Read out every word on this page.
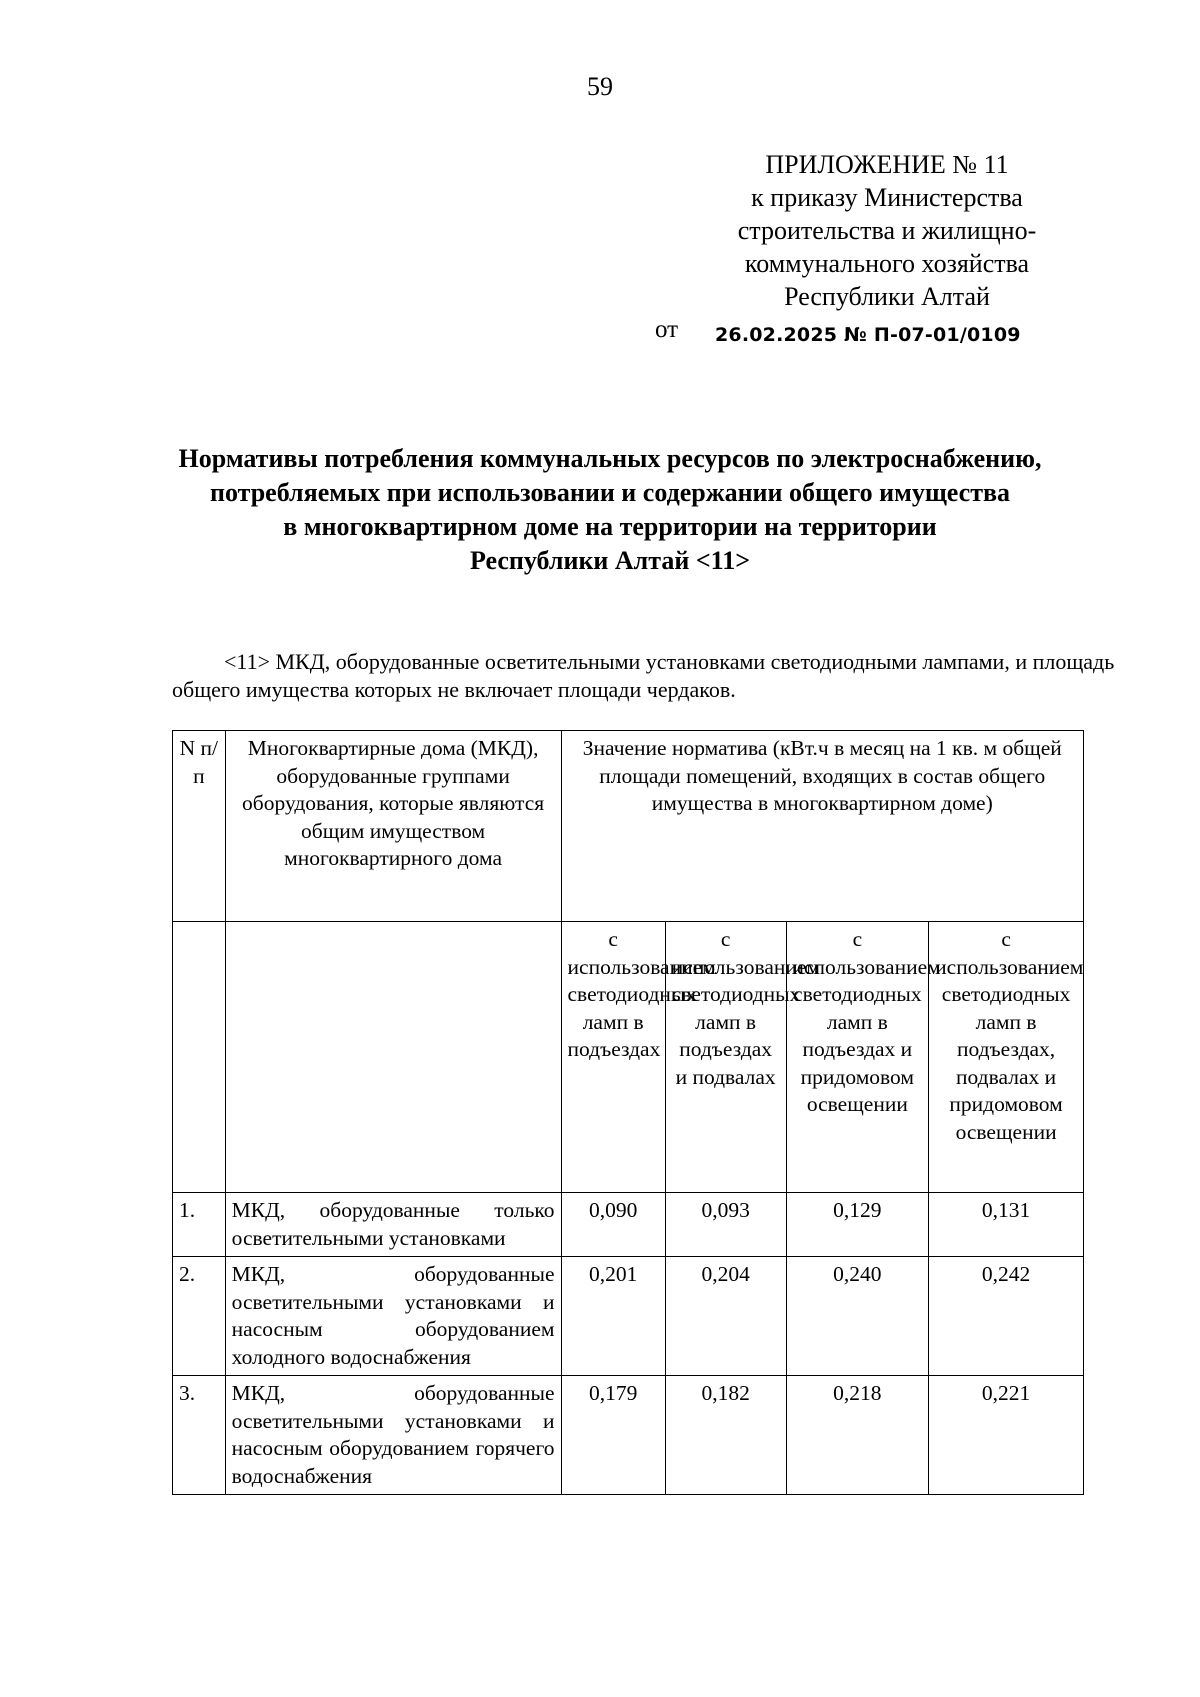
59
ПРИЛОЖЕНИЕ № 11
к приказу Министерства
строительства и жилищно-
коммунального хозяйства
Республики Алтай
от 26.02.2025 № П-07-01/0109
Нормативы потребления коммунальных ресурсов по электроснабжению,
потребляемых при использовании и содержании общего имущества
в многоквартирном доме на территории на территории
Республики Алтай <11>
<11> МКД, оборудованные осветительными установками светодиодными лампами, и площадь общего имущества которых не включает площади чердаков.
N п/п	Многоквартирные дома (МКД), оборудованные группами оборудования, которые являются общим имуществом многоквартирного дома	Значение норматива (кВт.ч в месяц на 1 кв. м общей площади помещений, входящих в состав общего имущества в многоквартирном доме)			
		с использованием светодиодных ламп в подъездах	с использованием светодиодных ламп в подъездах и подвалах	с использованием светодиодных ламп в подъездах и придомовом освещении	с использованием светодиодных ламп в подъездах, подвалах и придомовом освещении
1.	МКД, оборудованные только осветительными установками	0,090	0,093	0,129	0,131
2.	МКД, оборудованные осветительными установками и насосным оборудованием холодного водоснабжения	0,201	0,204	0,240	0,242
3.	МКД, оборудованные осветительными установками и насосным оборудованием горячего водоснабжения	0,179	0,182	0,218	0,221
